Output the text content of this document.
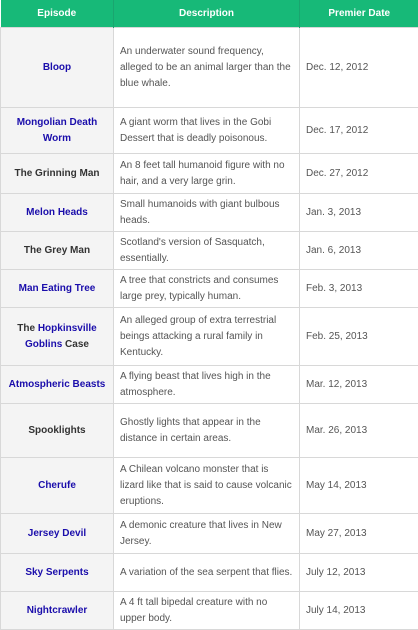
Episode	Description	Premier Date
Bloop	An underwater sound frequency, alleged to be an animal larger than the blue whale.	Dec. 12, 2012
Mongolian Death Worm	A giant worm that lives in the Gobi Dessert that is deadly poisonous.	Dec. 17, 2012
The Grinning Man	An 8 feet tall humanoid figure with no hair, and a very large grin.	Dec. 27, 2012
Melon Heads	Small humanoids with giant bulbous heads.	Jan. 3, 2013
The Grey Man	Scotland's version of Sasquatch, essentially.	Jan. 6, 2013
Man Eating Tree	A tree that constricts and consumes large prey, typically human.	Feb. 3, 2013
The Hopkinsville Goblins Case	An alleged group of extra terrestrial beings attacking a rural family in Kentucky.	Feb. 25, 2013
Atmospheric Beasts	A flying beast that lives high in the atmosphere.	Mar. 12, 2013
Spooklights	Ghostly lights that appear in the distance in certain areas.	Mar. 26, 2013
Cherufe	A Chilean volcano monster that is lizard like that is said to cause volcanic eruptions.	May 14, 2013
Jersey Devil	A demonic creature that lives in New Jersey.	May 27, 2013
Sky Serpents	A variation of the sea serpent that flies.	July 12, 2013
Nightcrawler	A 4 ft tall bipedal creature with no upper body.	July 14, 2013
